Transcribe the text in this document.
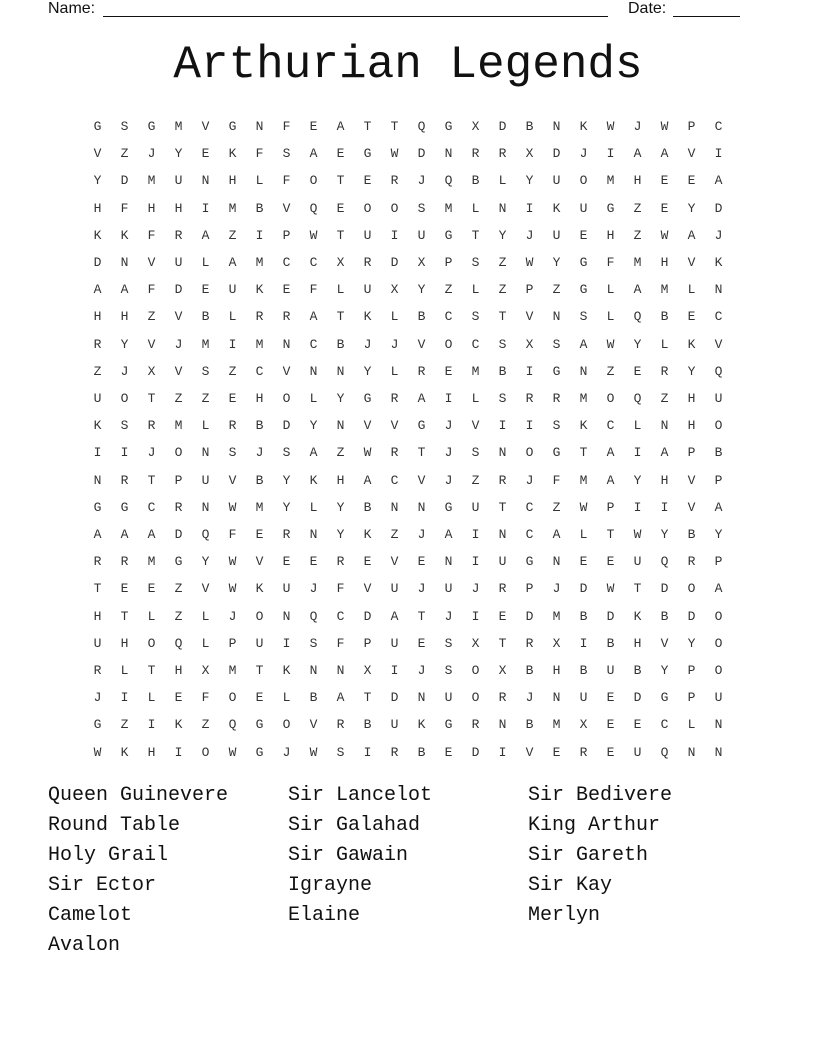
Name:	Date:
Arthurian Legends
G	S	G	M	V	G	N	F	E	A	T	T	Q	G	X	D	B	N	K	W	J	W	P	C
V	Z	J	Y	E	K	F	S	A	E	G	W	D	N	R	R	X	D	J	I	A	A	V	I
Y	D	M	U	N	H	L	F	O	T	E	R	J	Q	B	L	Y	U	O	M	H	E	E	A
H	F	H	H	I	M	B	V	Q	E	O	O	S	M	L	N	I	K	U	G	Z	E	Y	D
K	K	F	R	A	Z	I	P	W	T	U	I	U	G	T	Y	J	U	E	H	Z	W	A	J
D	N	V	U	L	A	M	C	C	X	R	D	X	P	S	Z	W	Y	G	F	M	H	V	K
A	A	F	D	E	U	K	E	F	L	U	X	Y	Z	L	Z	P	Z	G	L	A	M	L	N
H	H	Z	V	B	L	R	R	A	T	K	L	B	C	S	T	V	N	S	L	Q	B	E	C
R	Y	V	J	M	I	M	N	C	B	J	J	V	O	C	S	X	S	A	W	Y	L	K	V
Z	J	X	V	S	Z	C	V	N	N	Y	L	R	E	M	B	I	G	N	Z	E	R	Y	Q
U	O	T	Z	Z	E	H	O	L	Y	G	R	A	I	L	S	R	R	M	O	Q	Z	H	U
K	S	R	M	L	R	B	D	Y	N	V	V	G	J	V	I	I	S	K	C	L	N	H	O
I	I	J	O	N	S	J	S	A	Z	W	R	T	J	S	N	O	G	T	A	I	A	P	B
N	R	T	P	U	V	B	Y	K	H	A	C	V	J	Z	R	J	F	M	A	Y	H	V	P
G	G	C	R	N	W	M	Y	L	Y	B	N	N	G	U	T	C	Z	W	P	I	I	V	A
A	A	A	D	Q	F	E	R	N	Y	K	Z	J	A	I	N	C	A	L	T	W	Y	B	Y
R	R	M	G	Y	W	V	E	E	R	E	V	E	N	I	U	G	N	E	E	U	Q	R	P
T	E	E	Z	V	W	K	U	J	F	V	U	J	U	J	R	P	J	D	W	T	D	O	A
H	T	L	Z	L	J	O	N	Q	C	D	A	T	J	I	E	D	M	B	D	K	B	D	O
U	H	O	Q	L	P	U	I	S	F	P	U	E	S	X	T	R	X	I	B	H	V	Y	O
R	L	T	H	X	M	T	K	N	N	X	I	J	S	O	X	B	H	B	U	B	Y	P	O
J	I	L	E	F	O	E	L	B	A	T	D	N	U	O	R	J	N	U	E	D	G	P	U
G	Z	I	K	Z	Q	G	O	V	R	B	U	K	G	R	N	B	M	X	E	E	C	L	N
W	K	H	I	O	W	G	J	W	S	I	R	B	E	D	I	V	E	R	E	U	Q	N	N
Queen Guinevere	Sir Lancelot	Sir Bedivere
Round Table	Sir Galahad	King Arthur
Holy Grail	Sir Gawain	Sir Gareth
Sir Ector	Igrayne	Sir Kay
Camelot	Elaine	Merlyn
Avalon
